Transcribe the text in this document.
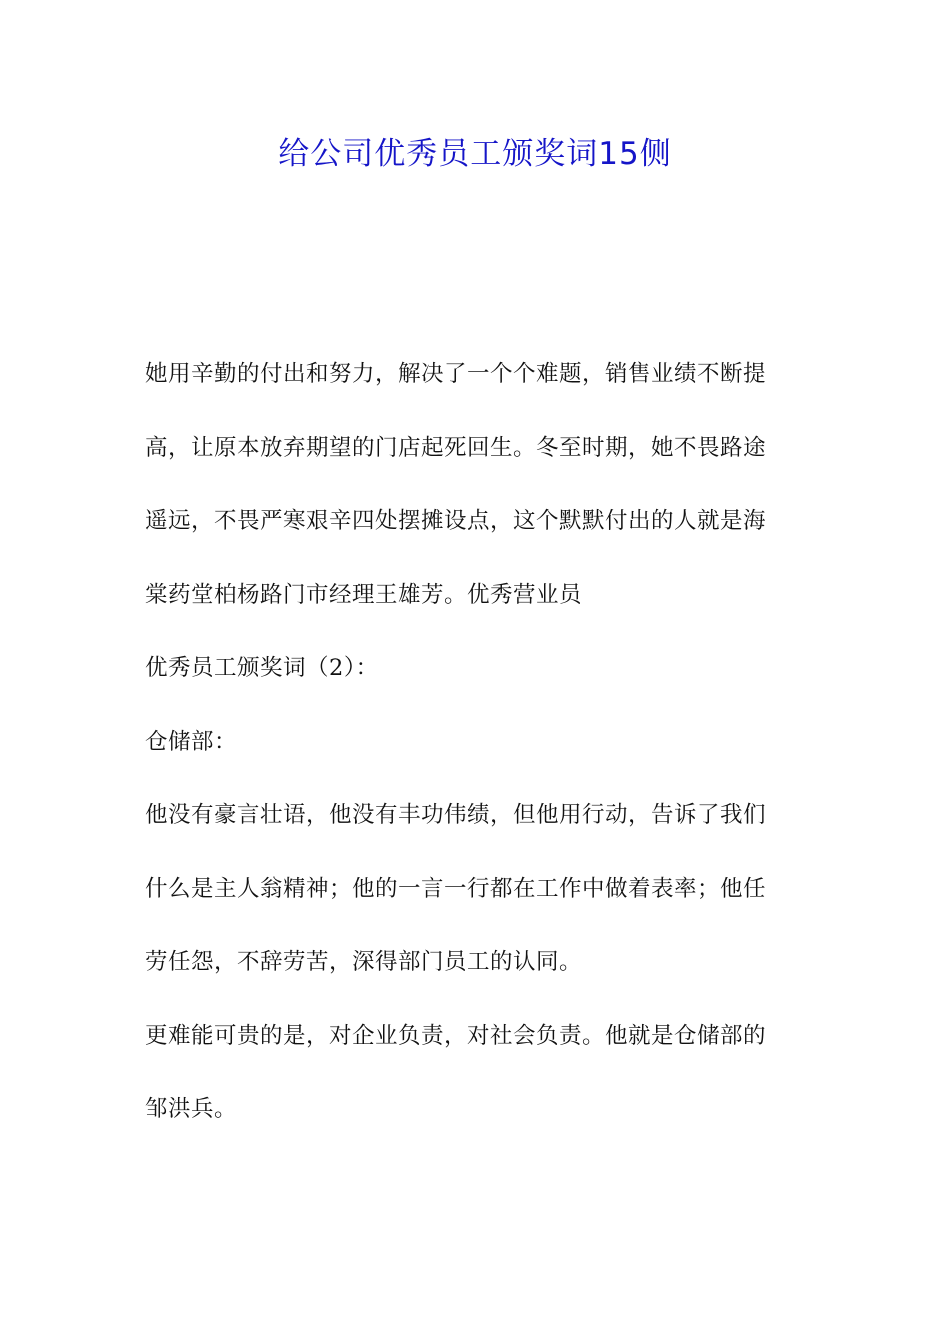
给公司优秀员工颁奖词15侧
她用辛勤的付出和努力，解决了一个个难题，销售业绩不断提
高，让原本放弃期望的门店起死回生。冬至时期，她不畏路途
遥远，不畏严寒艰辛四处摆摊设点，这个默默付出的人就是海
棠药堂柏杨路门市经理王雄芳。优秀营业员
优秀员工颁奖词（2）：
仓储部：
他没有豪言壮语，他没有丰功伟绩，但他用行动，告诉了我们
什么是主人翁精神；他的一言一行都在工作中做着表率；他任
劳任怨，不辞劳苦，深得部门员工的认同。
更难能可贵的是，对企业负责，对社会负责。他就是仓储部的
邹洪兵。
